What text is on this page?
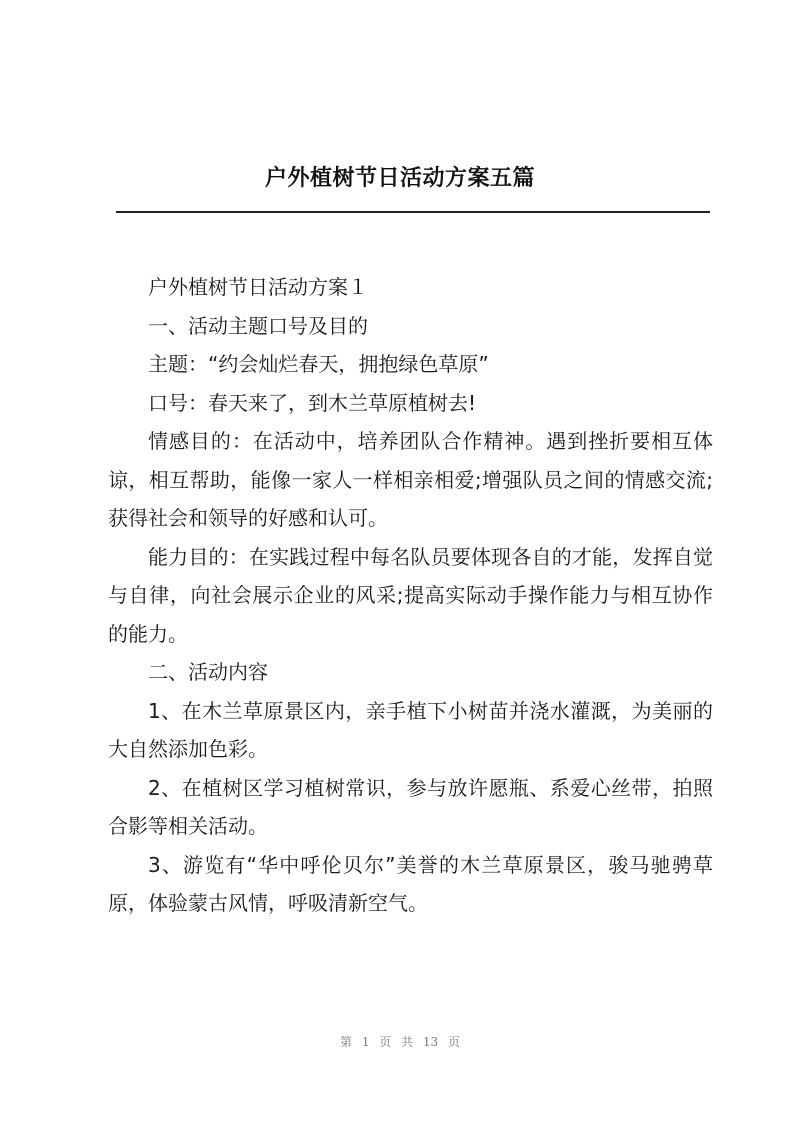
户外植树节日活动方案五篇

户外植树节日活动方案１

一、活动主题口号及目的

主题：“约会灿烂春天，拥抱绿色草原”

口号：春天来了，到木兰草原植树去!

情感目的：在活动中，培养团队合作精神。遇到挫折要相互体谅，相互帮助，能像一家人一样相亲相爱;增强队员之间的情感交流;获得社会和领导的好感和认可。

能力目的：在实践过程中每名队员要体现各自的才能，发挥自觉与自律，向社会展示企业的风采;提高实际动手操作能力与相互协作的能力。

二、活动内容

1、在木兰草原景区内，亲手植下小树苗并浇水灌溉，为美丽的大自然添加色彩。

2、在植树区学习植树常识，参与放许愿瓶、系爱心丝带，拍照合影等相关活动。

3、游览有“华中呼伦贝尔”美誉的木兰草原景区，骏马驰骋草原，体验蒙古风情，呼吸清新空气。

第 1 页 共 13 页
